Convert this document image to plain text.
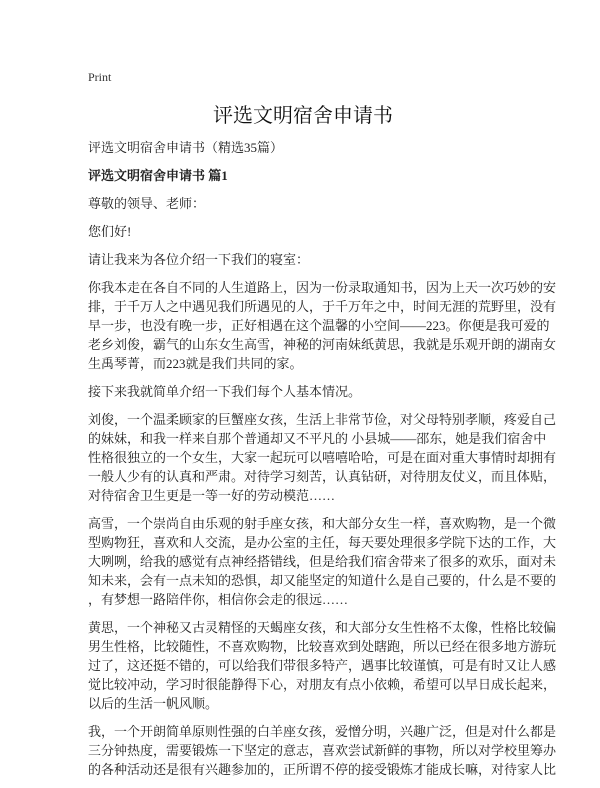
Print
评选文明宿舍申请书
评选文明宿舍申请书（精选35篇）
评选文明宿舍申请书 篇1
尊敬的领导、老师：
您们好!
请让我来为各位介绍一下我们的寝室：
你我本走在各自不同的人生道路上，因为一份录取通知书，因为上天一次巧妙的安
排，于千万人之中遇见我们所遇见的人，于千万年之中，时间无涯的荒野里，没有
早一步，也没有晚一步，正好相遇在这个温馨的小空间——223。你便是我可爱的
老乡刘俊，霸气的山东女生高雪，神秘的河南妹纸黄思，我就是乐观开朗的湖南女
生禹琴菁，而223就是我们共同的家。
接下来我就简单介绍一下我们每个人基本情况。
刘俊，一个温柔顾家的巨蟹座女孩，生活上非常节俭，对父母特别孝顺，疼爱自己
的妹妹，和我一样来自那个普通却又不平凡的 小县城——邵东，她是我们宿舍中
性格很独立的一个女生，大家一起玩可以嘻嘻哈哈，可是在面对重大事情时却拥有
一般人少有的认真和严肃。对待学习刻苦，认真钻研，对待朋友仗义，而且体贴，
对待宿舍卫生更是一等一好的劳动模范……
高雪，一个崇尚自由乐观的射手座女孩，和大部分女生一样，喜欢购物，是一个微
型购物狂，喜欢和人交流，是办公室的主任，每天要处理很多学院下达的工作，大
大咧咧，给我的感觉有点神经搭错线，但是给我们宿舍带来了很多的欢乐，面对未
知未来，会有一点未知的恐惧，却又能坚定的知道什么是自己要的，什么是不要的
，有梦想一路陪伴你，相信你会走的很远……
黄思，一个神秘又古灵精怪的天蝎座女孩，和大部分女生性格不太像，性格比较偏
男生性格，比较随性，不喜欢购物，比较喜欢到处瞎跑，所以已经在很多地方游玩
过了，这还挺不错的，可以给我们带很多特产，遇事比较谨慎，可是有时又让人感
觉比较冲动，学习时很能静得下心，对朋友有点小依赖，希望可以早日成长起来，
以后的生活一帆风顺。
我，一个开朗简单原则性强的白羊座女孩，爱憎分明，兴趣广泛，但是对什么都是
三分钟热度，需要锻炼一下坚定的意志，喜欢尝试新鲜的事物，所以对学校里筹办
的各种活动还是很有兴趣参加的，正所谓不停的接受锻炼才能成长嘛，对待家人比
